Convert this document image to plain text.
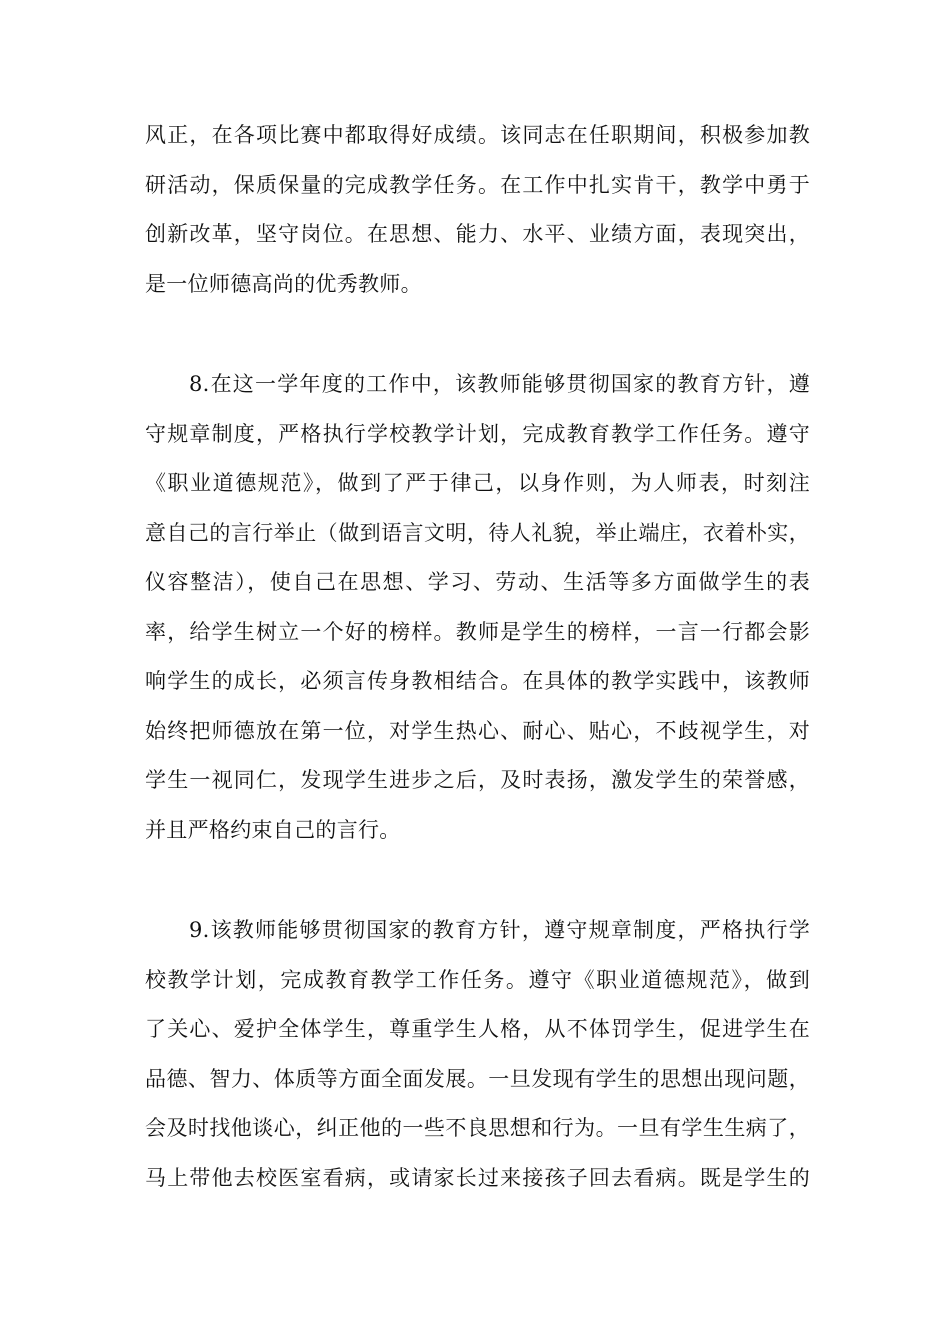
风正，在各项比赛中都取得好成绩。该同志在任职期间，积极参加教
研活动，保质保量的完成教学任务。在工作中扎实肯干，教学中勇于
创新改革，坚守岗位。在思想、能力、水平、业绩方面，表现突出，
是一位师德高尚的优秀教师。
8.在这一学年度的工作中，该教师能够贯彻国家的教育方针，遵
守规章制度，严格执行学校教学计划，完成教育教学工作任务。遵守
《职业道德规范》，做到了严于律己，以身作则，为人师表，时刻注
意自己的言行举止（做到语言文明，待人礼貌，举止端庄，衣着朴实，
仪容整洁），使自己在思想、学习、劳动、生活等多方面做学生的表
率，给学生树立一个好的榜样。教师是学生的榜样，一言一行都会影
响学生的成长，必须言传身教相结合。在具体的教学实践中，该教师
始终把师德放在第一位，对学生热心、耐心、贴心，不歧视学生，对
学生一视同仁，发现学生进步之后，及时表扬，激发学生的荣誉感，
并且严格约束自己的言行。
9.该教师能够贯彻国家的教育方针，遵守规章制度，严格执行学
校教学计划，完成教育教学工作任务。遵守《职业道德规范》，做到
了关心、爱护全体学生，尊重学生人格，从不体罚学生，促进学生在
品德、智力、体质等方面全面发展。一旦发现有学生的思想出现问题，
会及时找他谈心，纠正他的一些不良思想和行为。一旦有学生生病了，
马上带他去校医室看病，或请家长过来接孩子回去看病。既是学生的
